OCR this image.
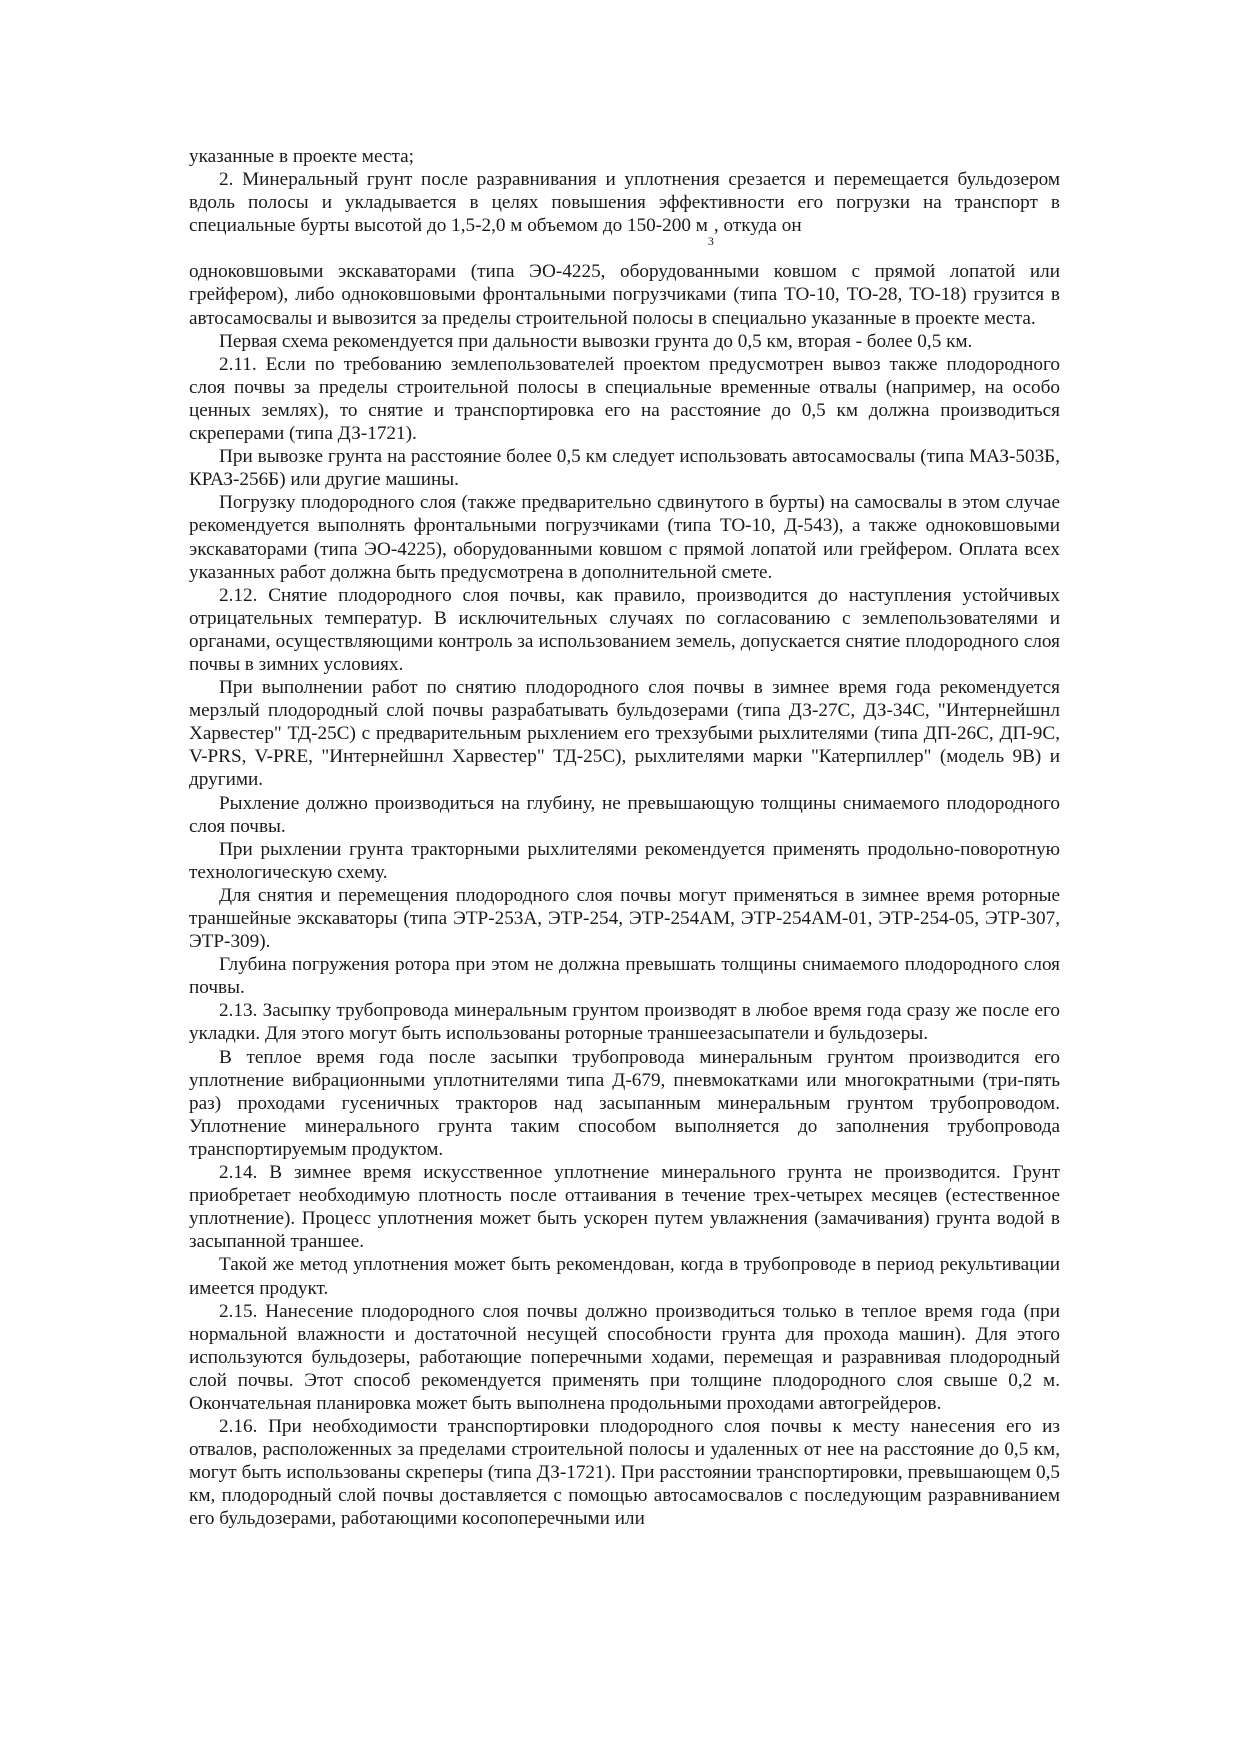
указанные в проекте места;

2. Минеральный грунт после разравнивания и уплотнения срезается и перемещается бульдозером вдоль полосы и укладывается в целях повышения эффективности его погрузки на транспорт в специальные бурты высотой до 1,5-2,0 м объемом до 150-200 $м_3$, откуда он

одноковшовыми экскаваторами (типа ЭО-4225, оборудованными ковшом с прямой лопатой или грейфером), либо одноковшовыми фронтальными погрузчиками (типа ТО-10, ТО-28, ТО-18) грузится в автосамосвалы и вывозится за пределы строительной полосы в специально указанные в проекте места.

Первая схема рекомендуется при дальности вывозки грунта до 0,5 км, вторая - более 0,5 км.

2.11. Если по требованию землепользователей проектом предусмотрен вывоз также плодородного слоя почвы за пределы строительной полосы в специальные временные отвалы (например, на особо ценных землях), то снятие и транспортировка его на расстояние до 0,5 км должна производиться скреперами (типа ДЗ-1721).

При вывозке грунта на расстояние более 0,5 км следует использовать автосамосвалы (типа МАЗ-503Б, КРАЗ-256Б) или другие машины.

Погрузку плодородного слоя (также предварительно сдвинутого в бурты) на самосвалы в этом случае рекомендуется выполнять фронтальными погрузчиками (типа ТО-10, Д-543), а также одноковшовыми экскаваторами (типа ЭО-4225), оборудованными ковшом с прямой лопатой или грейфером. Оплата всех указанных работ должна быть предусмотрена в дополнительной смете.

2.12. Снятие плодородного слоя почвы, как правило, производится до наступления устойчивых отрицательных температур. В исключительных случаях по согласованию с землепользователями и органами, осуществляющими контроль за использованием земель, допускается снятие плодородного слоя почвы в зимних условиях.

При выполнении работ по снятию плодородного слоя почвы в зимнее время года рекомендуется мерзлый плодородный слой почвы разрабатывать бульдозерами (типа ДЗ-27С, ДЗ-34С, "Интернейшнл Харвестер" ТД-25С) с предварительным рыхлением его трехзубыми рыхлителями (типа ДП-26С, ДП-9С, V-PRS, V-PRE, "Интернейшнл Харвестер" ТД-25С), рыхлителями марки "Катерпиллер" (модель 9В) и другими.

Рыхление должно производиться на глубину, не превышающую толщины снимаемого плодородного слоя почвы.

При рыхлении грунта тракторными рыхлителями рекомендуется применять продольно-поворотную технологическую схему.

Для снятия и перемещения плодородного слоя почвы могут применяться в зимнее время роторные траншейные экскаваторы (типа ЭТР-253А, ЭТР-254, ЭТР-254АМ, ЭТР-254АМ-01, ЭТР-254-05, ЭТР-307, ЭТР-309).

Глубина погружения ротора при этом не должна превышать толщины снимаемого плодородного слоя почвы.

2.13. Засыпку трубопровода минеральным грунтом производят в любое время года сразу же после его укладки. Для этого могут быть использованы роторные траншеезасыпатели и бульдозеры.

В теплое время года после засыпки трубопровода минеральным грунтом производится его уплотнение вибрационными уплотнителями типа Д-679, пневмокатками или многократными (три-пять раз) проходами гусеничных тракторов над засыпанным минеральным грунтом трубопроводом. Уплотнение минерального грунта таким способом выполняется до заполнения трубопровода транспортируемым продуктом.

2.14. В зимнее время искусственное уплотнение минерального грунта не производится. Грунт приобретает необходимую плотность после оттаивания в течение трех-четырех месяцев (естественное уплотнение). Процесс уплотнения может быть ускорен путем увлажнения (замачивания) грунта водой в засыпанной траншее.

Такой же метод уплотнения может быть рекомендован, когда в трубопроводе в период рекультивации имеется продукт.

2.15. Нанесение плодородного слоя почвы должно производиться только в теплое время года (при нормальной влажности и достаточной несущей способности грунта для прохода машин). Для этого используются бульдозеры, работающие поперечными ходами, перемещая и разравнивая плодородный слой почвы. Этот способ рекомендуется применять при толщине плодородного слоя свыше 0,2 м. Окончательная планировка может быть выполнена продольными проходами автогрейдеров.

2.16. При необходимости транспортировки плодородного слоя почвы к месту нанесения его из отвалов, расположенных за пределами строительной полосы и удаленных от нее на расстояние до 0,5 км, могут быть использованы скреперы (типа ДЗ-1721). При расстоянии транспортировки, превышающем 0,5 км, плодородный слой почвы доставляется с помощью автосамосвалов с последующим разравниванием его бульдозерами, работающими косопоперечными или
